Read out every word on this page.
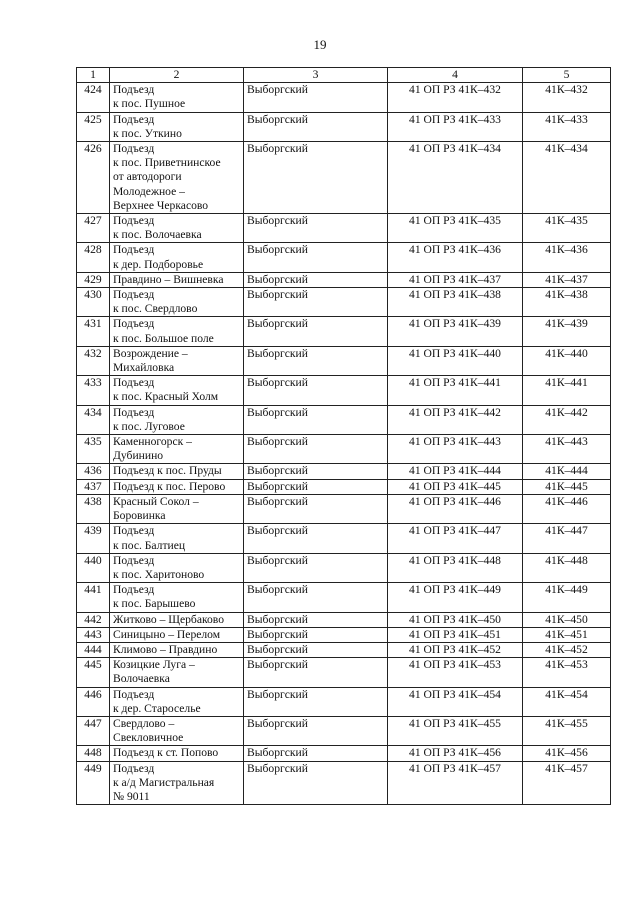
19
1	2	3	4	5
424	Подъезд
к пос. Пушное	Выборгский	41 ОП РЗ 41К–432	41К–432
425	Подъезд
к пос. Уткино	Выборгский	41 ОП РЗ 41К–433	41К–433
426	Подъезд
к пос. Приветнинское
от автодороги
Молодежное –
Верхнее Черкасово	Выборгский	41 ОП РЗ 41К–434	41К–434
427	Подъезд
к пос. Волочаевка	Выборгский	41 ОП РЗ 41К–435	41К–435
428	Подъезд
к дер. Подборовье	Выборгский	41 ОП РЗ 41К–436	41К–436
429	Правдино – Вишневка	Выборгский	41 ОП РЗ 41К–437	41К–437
430	Подъезд
к пос. Свердлово	Выборгский	41 ОП РЗ 41К–438	41К–438
431	Подъезд
к пос. Большое поле	Выборгский	41 ОП РЗ 41К–439	41К–439
432	Возрождение –
Михайловка	Выборгский	41 ОП РЗ 41К–440	41К–440
433	Подъезд
к пос. Красный Холм	Выборгский	41 ОП РЗ 41К–441	41К–441
434	Подъезд
к пос. Луговое	Выборгский	41 ОП РЗ 41К–442	41К–442
435	Каменногорск –
Дубинино	Выборгский	41 ОП РЗ 41К–443	41К–443
436	Подъезд к пос. Пруды	Выборгский	41 ОП РЗ 41К–444	41К–444
437	Подъезд к пос. Перово	Выборгский	41 ОП РЗ 41К–445	41К–445
438	Красный Сокол –
Боровинка	Выборгский	41 ОП РЗ 41К–446	41К–446
439	Подъезд
к пос. Балтиец	Выборгский	41 ОП РЗ 41К–447	41К–447
440	Подъезд
к пос. Харитоново	Выборгский	41 ОП РЗ 41К–448	41К–448
441	Подъезд
к пос. Барышево	Выборгский	41 ОП РЗ 41К–449	41К–449
442	Житково – Щербаково	Выборгский	41 ОП РЗ 41К–450	41К–450
443	Синицыно – Перелом	Выборгский	41 ОП РЗ 41К–451	41К–451
444	Климово – Правдино	Выборгский	41 ОП РЗ 41К–452	41К–452
445	Козицкие Луга –
Волочаевка	Выборгский	41 ОП РЗ 41К–453	41К–453
446	Подъезд
к дер. Старосельe	Выборгский	41 ОП РЗ 41К–454	41К–454
447	Свердлово –
Свекловичное	Выборгский	41 ОП РЗ 41К–455	41К–455
448	Подъезд к ст. Попово	Выборгский	41 ОП РЗ 41К–456	41К–456
449	Подъезд
к а/д Магистральная
№ 9011	Выборгский	41 ОП РЗ 41К–457	41К–457
